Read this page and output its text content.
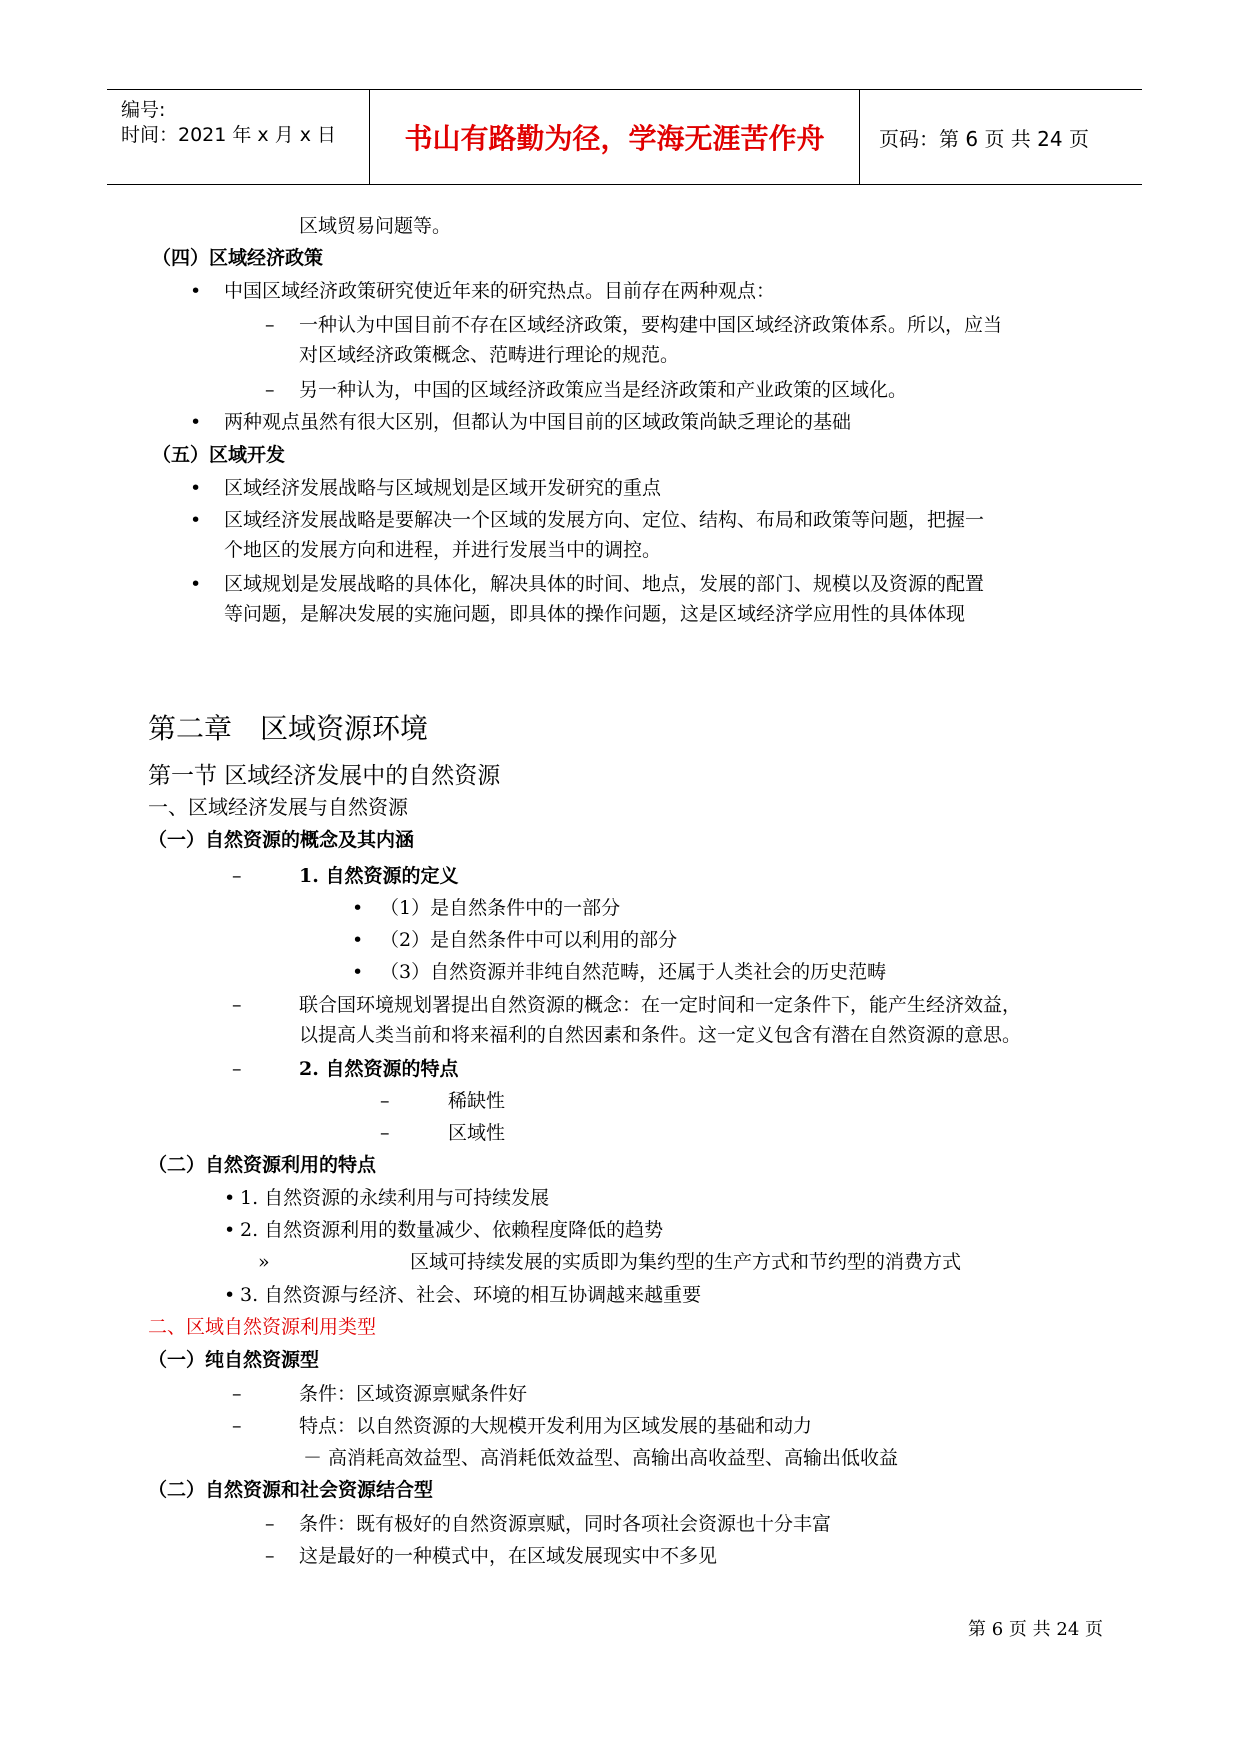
编号:
时间：2021 年 x 月 x 日 书山有路勤为径，学海无涯苦作舟	页码：第 6 页 共 24 页
区域贸易问题等。
（四）区域经济政策
• 中国区域经济政策研究使近年来的研究热点。目前存在两种观点：
– 一种认为中国目前不存在区域经济政策，要构建中国区域经济政策体系。所以，应当
对区域经济政策概念、范畴进行理论的规范。
– 另一种认为，中国的区域经济政策应当是经济政策和产业政策的区域化。
• 两种观点虽然有很大区别，但都认为中国目前的区域政策尚缺乏理论的基础
（五）区域开发
• 区域经济发展战略与区域规划是区域开发研究的重点
• 区域经济发展战略是要解决一个区域的发展方向、定位、结构、布局和政策等问题，把握一
个地区的发展方向和进程，并进行发展当中的调控。
• 区域规划是发展战略的具体化，解决具体的时间、地点，发展的部门、规模以及资源的配置
等问题，是解决发展的实施问题，即具体的操作问题，这是区域经济学应用性的具体体现
第二章　区域资源环境
第一节 区域经济发展中的自然资源
一、区域经济发展与自然资源
（一）自然资源的概念及其内涵
–	1. 自然资源的定义
• （1）是自然条件中的一部分
• （2）是自然条件中可以利用的部分
• （3）自然资源并非纯自然范畴，还属于人类社会的历史范畴
–	联合国环境规划署提出自然资源的概念：在一定时间和一定条件下，能产生经济效益，
以提高人类当前和将来福利的自然因素和条件。这一定义包含有潜在自然资源的意思。
–	2. 自然资源的特点
–	稀缺性
–	区域性
（二）自然资源利用的特点
• 1. 自然资源的永续利用与可持续发展
• 2. 自然资源利用的数量减少、依赖程度降低的趋势
»	区域可持续发展的实质即为集约型的生产方式和节约型的消费方式
• 3. 自然资源与经济、社会、环境的相互协调越来越重要
二、区域自然资源利用类型
（一）纯自然资源型
–	条件：区域资源禀赋条件好
–	特点：以自然资源的大规模开发利用为区域发展的基础和动力
－ 高消耗高效益型、高消耗低效益型、高输出高收益型、高输出低收益
（二）自然资源和社会资源结合型
– 条件：既有极好的自然资源禀赋，同时各项社会资源也十分丰富
– 这是最好的一种模式中，在区域发展现实中不多见
第 6 页 共 24 页
